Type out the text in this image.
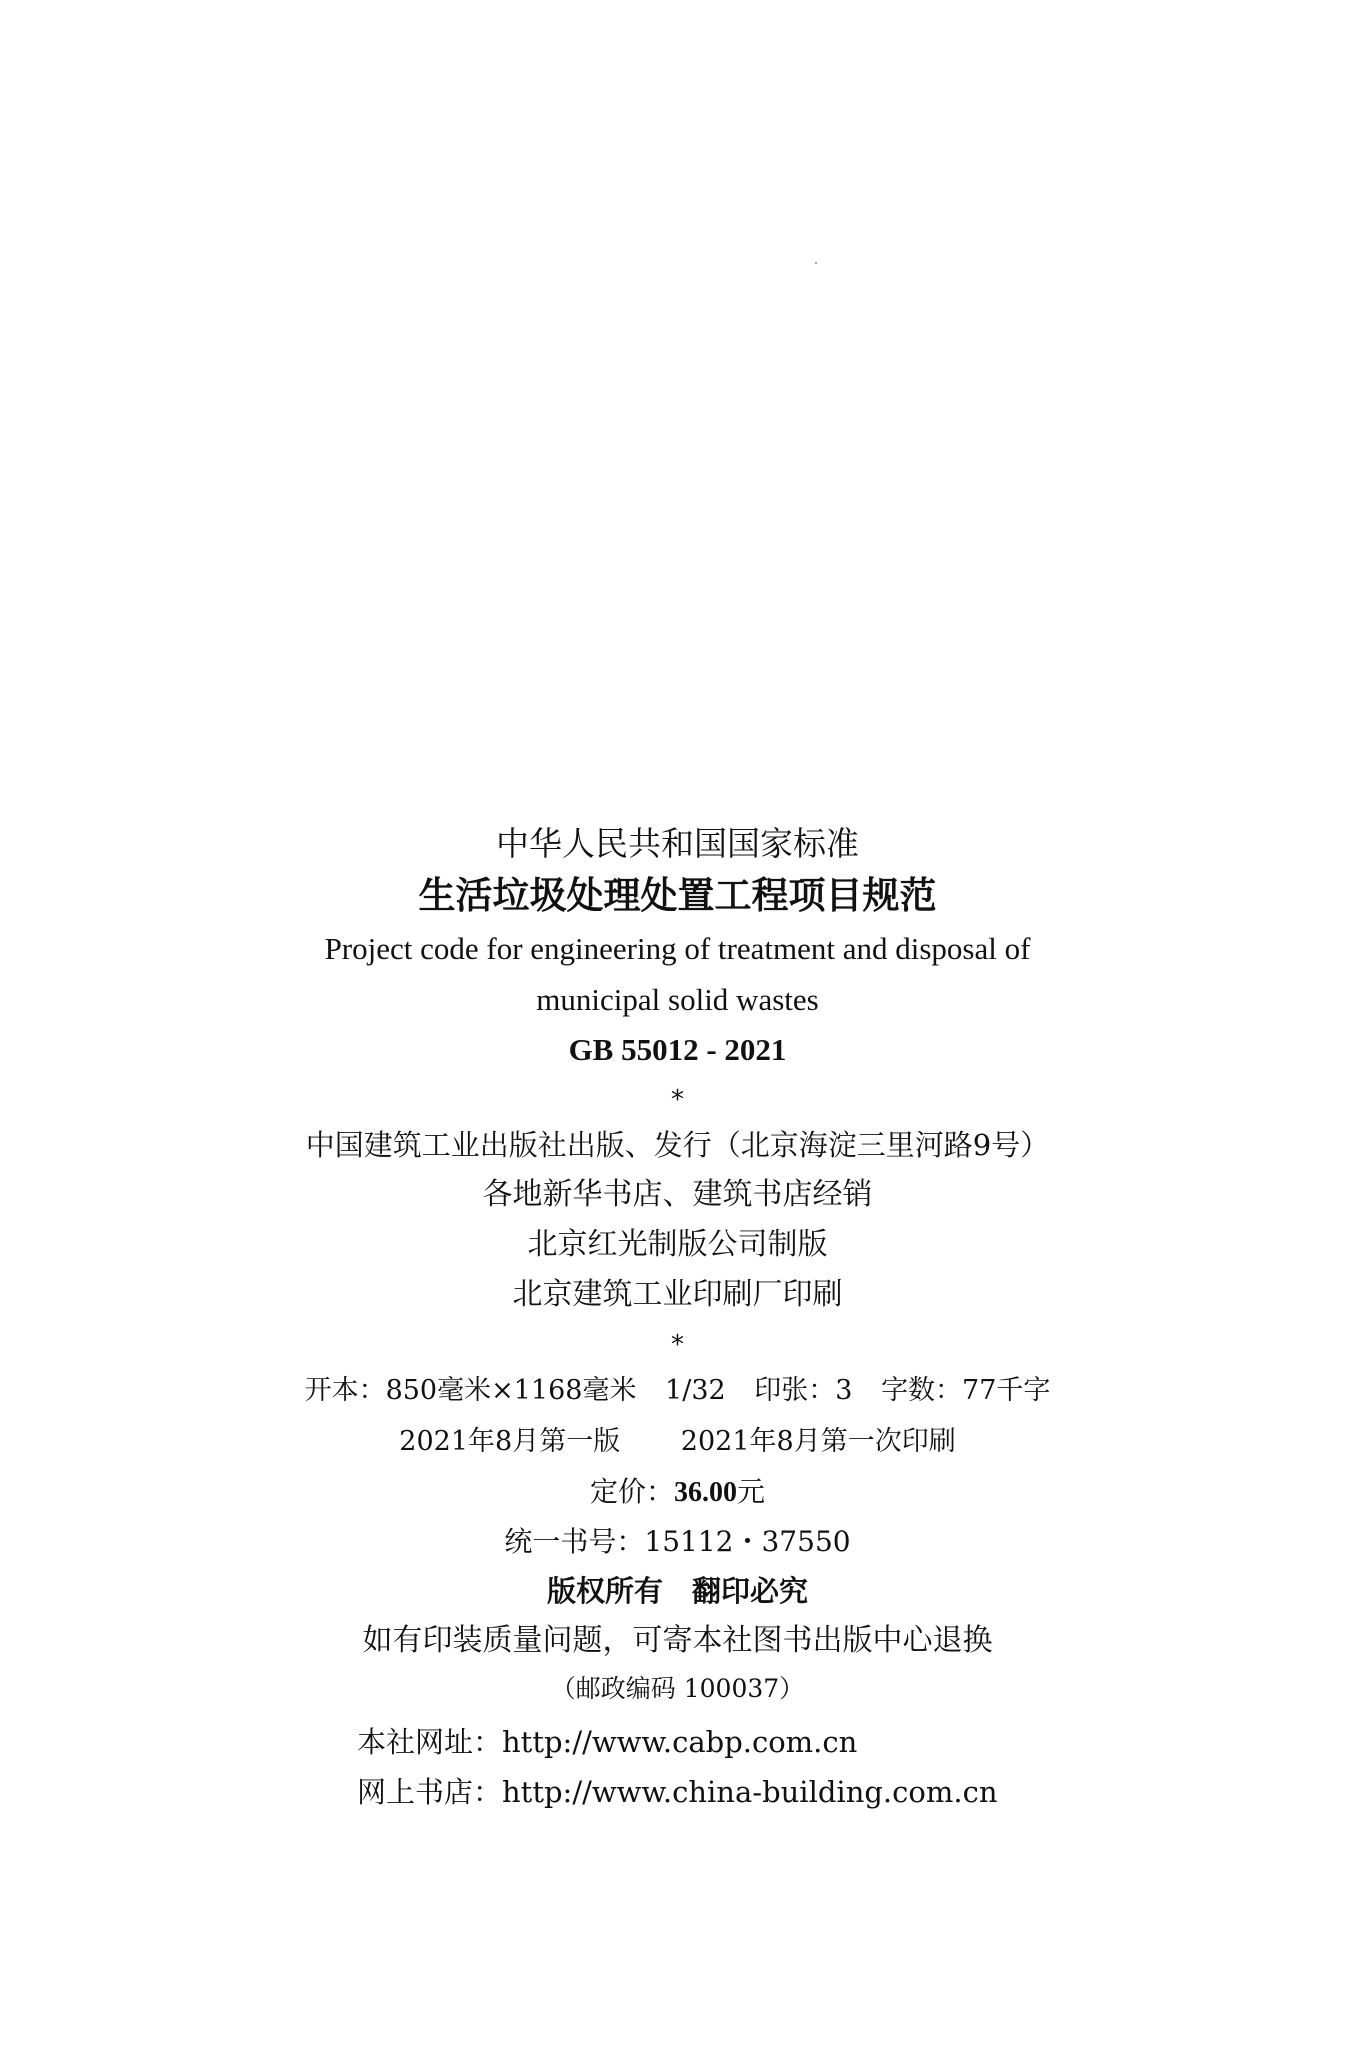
中华人民共和国国家标准
生活垃圾处理处置工程项目规范
Project code for engineering of treatment and disposal of
municipal solid wastes
GB 55012 - 2021
*
中国建筑工业出版社出版、发行（北京海淀三里河路9号）
各地新华书店、建筑书店经销
北京红光制版公司制版
北京建筑工业印刷厂印刷
*
开本：850毫米×1168毫米 1/32 印张：3 字数：77千字
2021年8月第一版 2021年8月第一次印刷
定价：36.00元
统一书号：15112・37550
版权所有　翻印必究
如有印装质量问题，可寄本社图书出版中心退换
（邮政编码 100037）
本社网址：http://www.cabp.com.cn
网上书店：http://www.china-building.com.cn
